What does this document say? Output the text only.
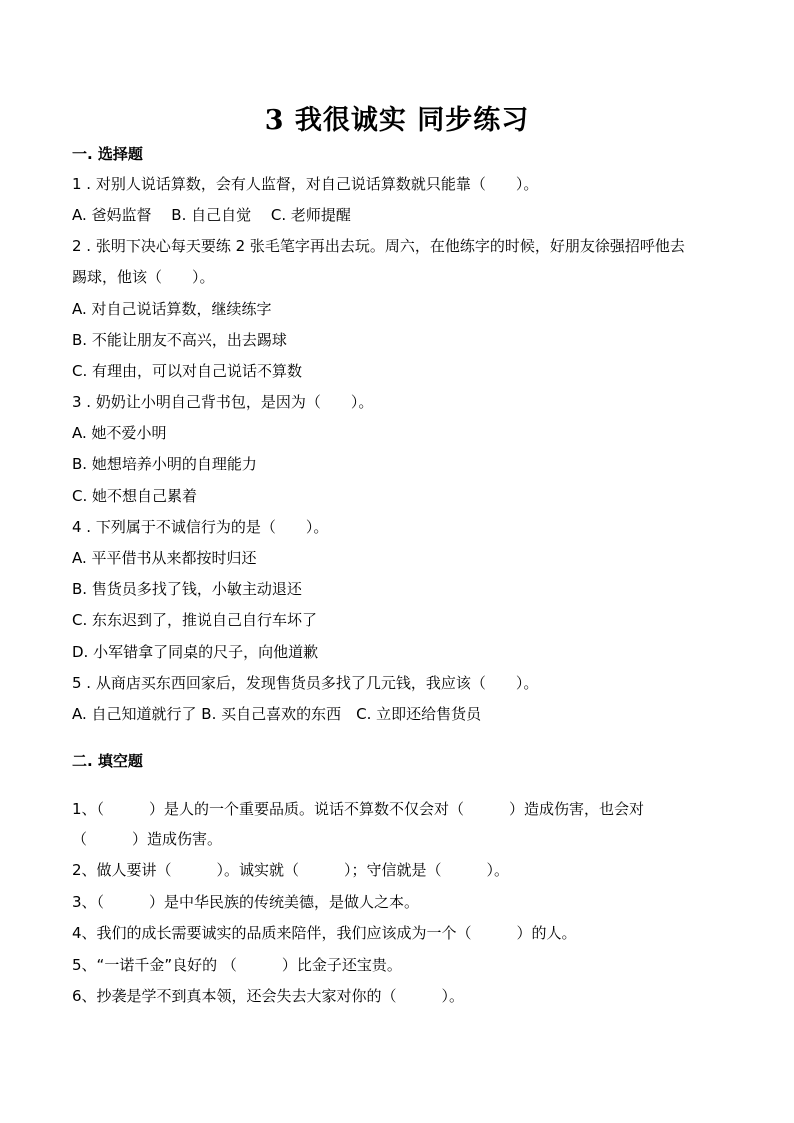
3 我很诚实 同步练习
一. 选择题
1 . 对别人说话算数，会有人监督，对自己说话算数就只能靠（　　）。
A. 爸妈监督　 B. 自己自觉　 C. 老师提醒
2 . 张明下决心每天要练 2 张毛笔字再出去玩。周六，在他练字的时候，好朋友徐强招呼他去
踢球，他该（　　）。
A. 对自己说话算数，继续练字
B. 不能让朋友不高兴，出去踢球
C. 有理由，可以对自己说话不算数
3 . 奶奶让小明自己背书包，是因为（　　）。
A. 她不爱小明
B. 她想培养小明的自理能力
C. 她不想自己累着
4 . 下列属于不诚信行为的是（　　）。
A. 平平借书从来都按时归还
B. 售货员多找了钱，小敏主动退还
C. 东东迟到了，推说自己自行车坏了
D. 小军错拿了同桌的尺子，向他道歉
5 . 从商店买东西回家后，发现售货员多找了几元钱，我应该（　　）。
A. 自己知道就行了 B. 买自己喜欢的东西　C. 立即还给售货员
二. 填空题
1、（　　　）是人的一个重要品质。说话不算数不仅会对（　　　）造成伤害，也会对
（　　　）造成伤害。
2、做人要讲（　　　）。诚实就（　　　）；守信就是（　　　）。
3、（　　　）是中华民族的传统美德，是做人之本。
4、我们的成长需要诚实的品质来陪伴，我们应该成为一个（　　　）的人。
5、“一诺千金”良好的 （　　　）比金子还宝贵。
6、抄袭是学不到真本领，还会失去大家对你的（　　　）。
